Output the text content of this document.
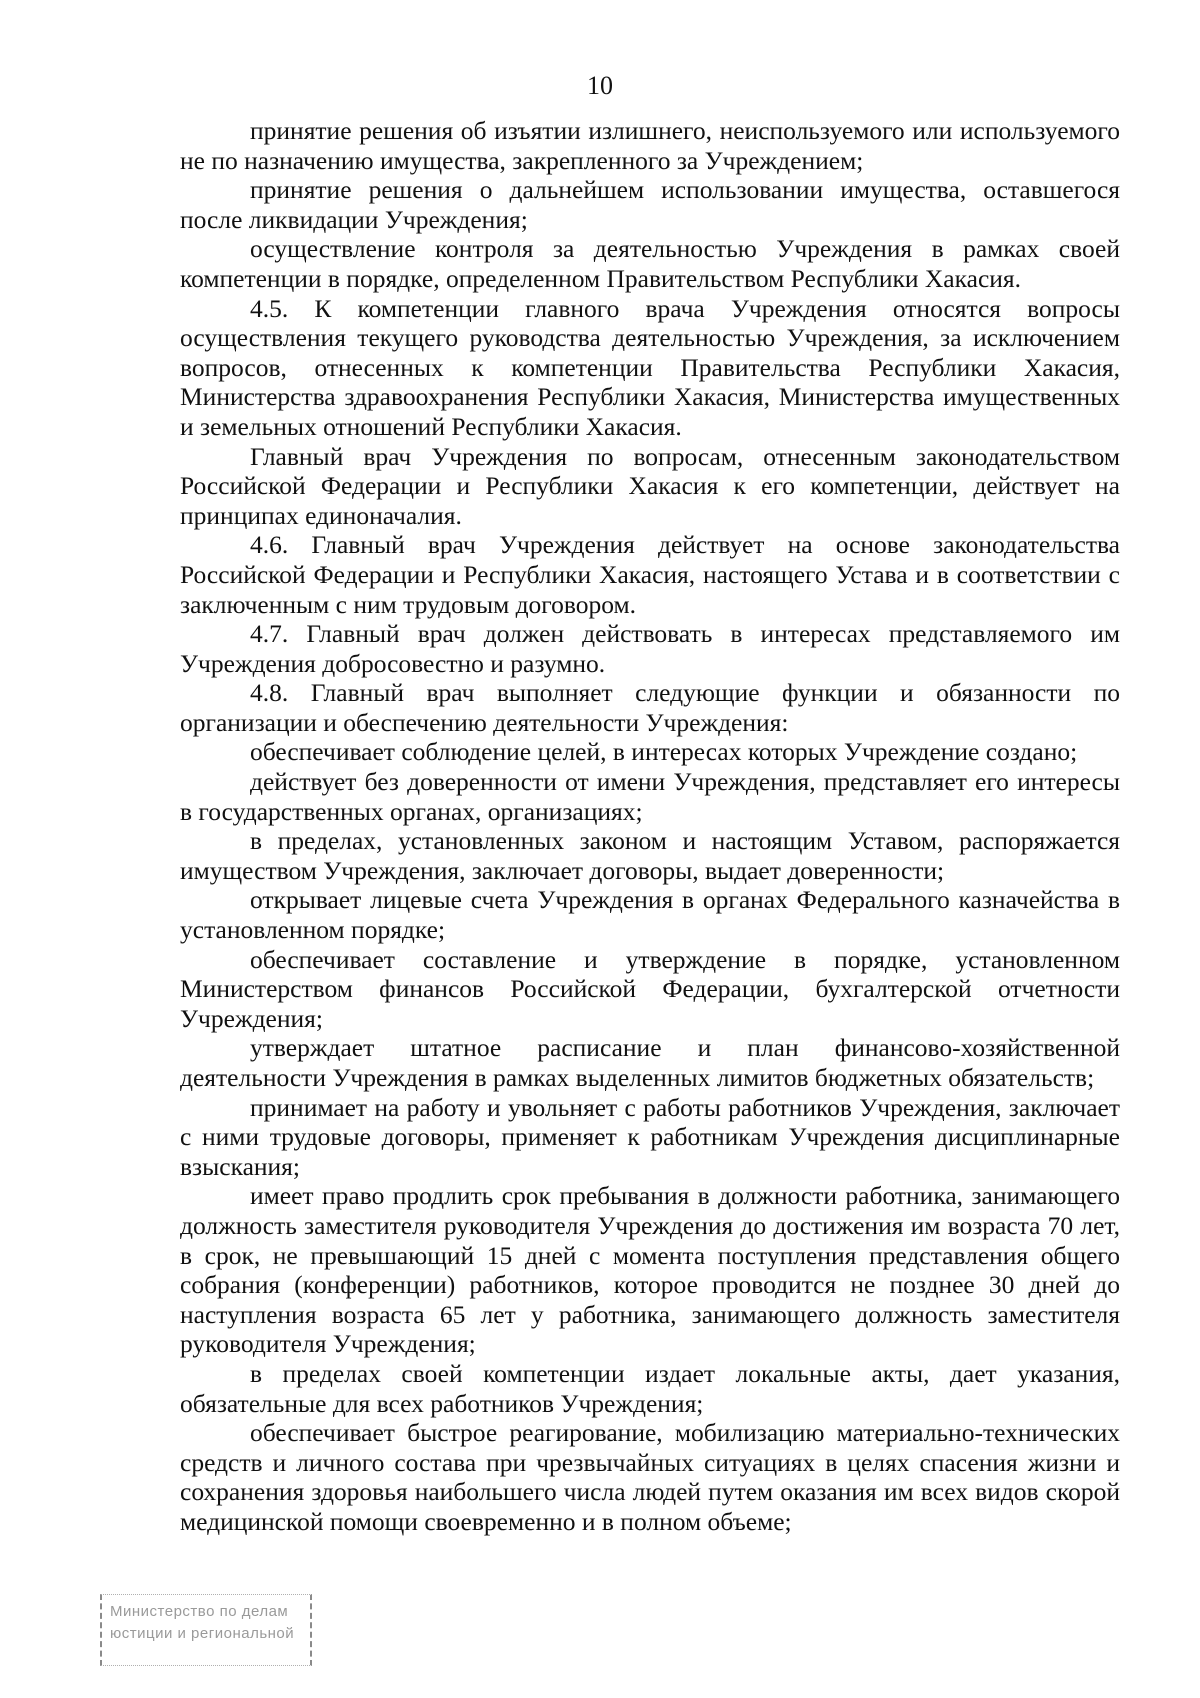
10

принятие решения об изъятии излишнего, неиспользуемого или используемого не по назначению имущества, закрепленного за Учреждением;

принятие решения о дальнейшем использовании имущества, оставшегося после ликвидации Учреждения;

осуществление контроля за деятельностью Учреждения в рамках своей компетенции в порядке, определенном Правительством Республики Хакасия.

4.5. К компетенции главного врача Учреждения относятся вопросы осуществления текущего руководства деятельностью Учреждения, за исключением вопросов, отнесенных к компетенции Правительства Республики Хакасия, Министерства здравоохранения Республики Хакасия, Министерства имущественных и земельных отношений Республики Хакасия.

Главный врач Учреждения по вопросам, отнесенным законодательством Российской Федерации и Республики Хакасия к его компетенции, действует на принципах единоначалия.

4.6. Главный врач Учреждения действует на основе законодательства Российской Федерации и Республики Хакасия, настоящего Устава и в соответствии с заключенным с ним трудовым договором.

4.7. Главный врач должен действовать в интересах представляемого им Учреждения добросовестно и разумно.

4.8. Главный врач выполняет следующие функции и обязанности по организации и обеспечению деятельности Учреждения:

обеспечивает соблюдение целей, в интересах которых Учреждение создано;

действует без доверенности от имени Учреждения, представляет его интересы в государственных органах, организациях;

в пределах, установленных законом и настоящим Уставом, распоряжается имуществом Учреждения, заключает договоры, выдает доверенности;

открывает лицевые счета Учреждения в органах Федерального казначейства в установленном порядке;

обеспечивает составление и утверждение в порядке, установленном Министерством финансов Российской Федерации, бухгалтерской отчетности Учреждения;

утверждает штатное расписание и план финансово-хозяйственной деятельности Учреждения в рамках выделенных лимитов бюджетных обязательств;

принимает на работу и увольняет с работы работников Учреждения, заключает с ними трудовые договоры, применяет к работникам Учреждения дисциплинарные взыскания;

имеет право продлить срок пребывания в должности работника, занимающего должность заместителя руководителя Учреждения до достижения им возраста 70 лет, в срок, не превышающий 15 дней с момента поступления представления общего собрания (конференции) работников, которое проводится не позднее 30 дней до наступления возраста 65 лет у работника, занимающего должность заместителя руководителя Учреждения;

в пределах своей компетенции издает локальные акты, дает указания, обязательные для всех работников Учреждения;

обеспечивает быстрое реагирование, мобилизацию материально-технических средств и личного состава при чрезвычайных ситуациях в целях спасения жизни и сохранения здоровья наибольшего числа людей путем оказания им всех видов скорой медицинской помощи своевременно и в полном объеме;

Министерство по делам
юстиции и региональной
